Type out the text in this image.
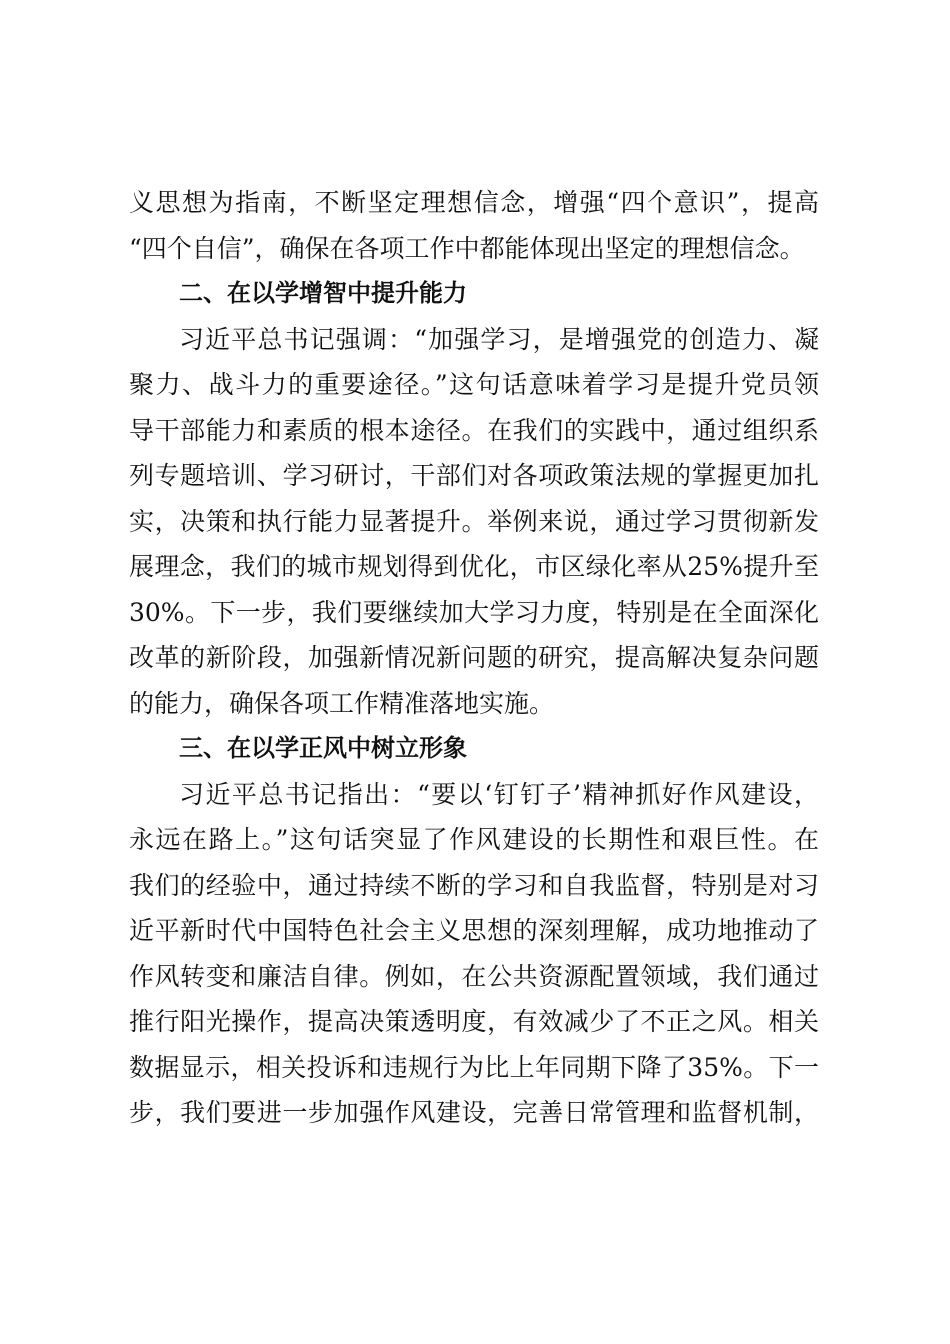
义思想为指南，不断坚定理想信念，增强“四个意识”，提高
“四个自信”，确保在各项工作中都能体现出坚定的理想信念。
二、在以学增智中提升能力
习近平总书记强调：“加强学习，是增强党的创造力、凝
聚力、战斗力的重要途径。”这句话意味着学习是提升党员领
导干部能力和素质的根本途径。在我们的实践中，通过组织系
列专题培训、学习研讨，干部们对各项政策法规的掌握更加扎
实，决策和执行能力显著提升。举例来说，通过学习贯彻新发
展理念，我们的城市规划得到优化，市区绿化率从25%提升至
30%。下一步，我们要继续加大学习力度，特别是在全面深化
改革的新阶段，加强新情况新问题的研究，提高解决复杂问题
的能力，确保各项工作精准落地实施。
三、在以学正风中树立形象
习近平总书记指出：“要以‘钉钉子’精神抓好作风建设，
永远在路上。”这句话突显了作风建设的长期性和艰巨性。在
我们的经验中，通过持续不断的学习和自我监督，特别是对习
近平新时代中国特色社会主义思想的深刻理解，成功地推动了
作风转变和廉洁自律。例如，在公共资源配置领域，我们通过
推行阳光操作，提高决策透明度，有效减少了不正之风。相关
数据显示，相关投诉和违规行为比上年同期下降了35%。下一
步，我们要进一步加强作风建设，完善日常管理和监督机制，
